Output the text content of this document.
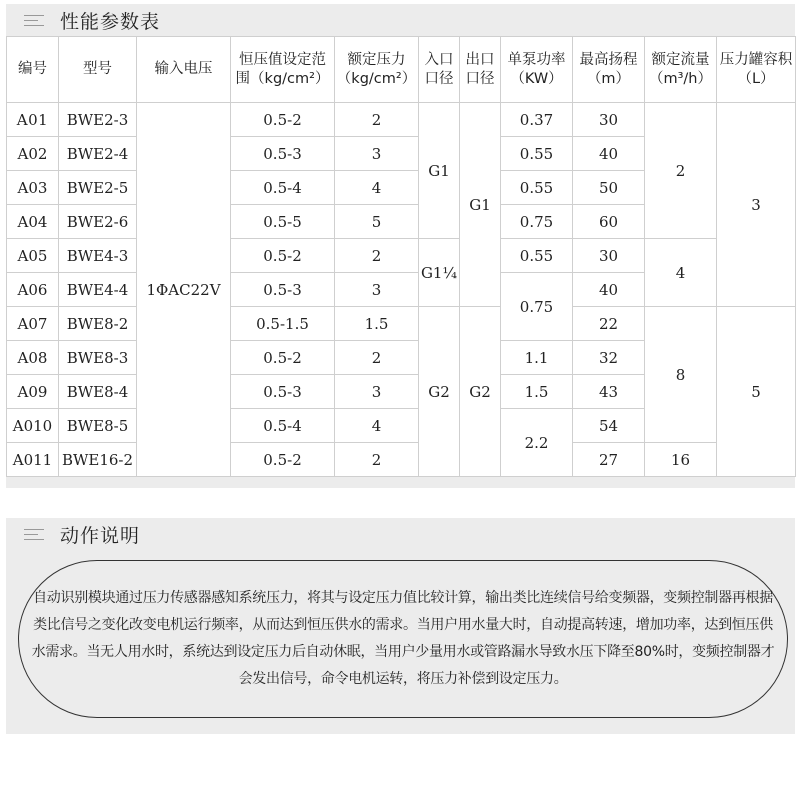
性能参数表
编号	型号	输入电压	恒压值设定范围（kg/cm²）	额定压力（kg/cm²）	入口口径	出口口径	单泵功率（KW）	最高扬程（m）	额定流量（m³/h）	压力罐容积（L）
A01	BWE2-3	1ΦAC22V	0.5-2	2	G1	G1	0.37	30	2	3
A02	BWE2-4		0.5-3	3			0.55	40		
A03	BWE2-5		0.5-4	4			0.55	50		
A04	BWE2-6		0.5-5	5			0.75	60		
A05	BWE4-3		0.5-2	2	G1¼		0.55	30	4	
A06	BWE4-4		0.5-3	3			0.75	40		
A07	BWE8-2		0.5-1.5	1.5	G2	G2		22	8	5
A08	BWE8-3		0.5-2	2			1.1	32		
A09	BWE8-4		0.5-3	3			1.5	43		
A010	BWE8-5		0.5-4	4			2.2	54		
A011	BWE16-2		0.5-2	2				27	16	
动作说明

自动识别模块通过压力传感器感知系统压力，将其与设定压力值比较计算，输出类比连续信号给变频器，变频控制器再根据类比信号之变化改变电机运行频率，从而达到恒压供水的需求。当用户用水量大时，自动提高转速，增加功率，达到恒压供水需求。当无人用水时，系统达到设定压力后自动休眠，当用户少量用水或管路漏水导致水压下降至80%时，变频控制器才会发出信号，命令电机运转，将压力补偿到设定压力。
